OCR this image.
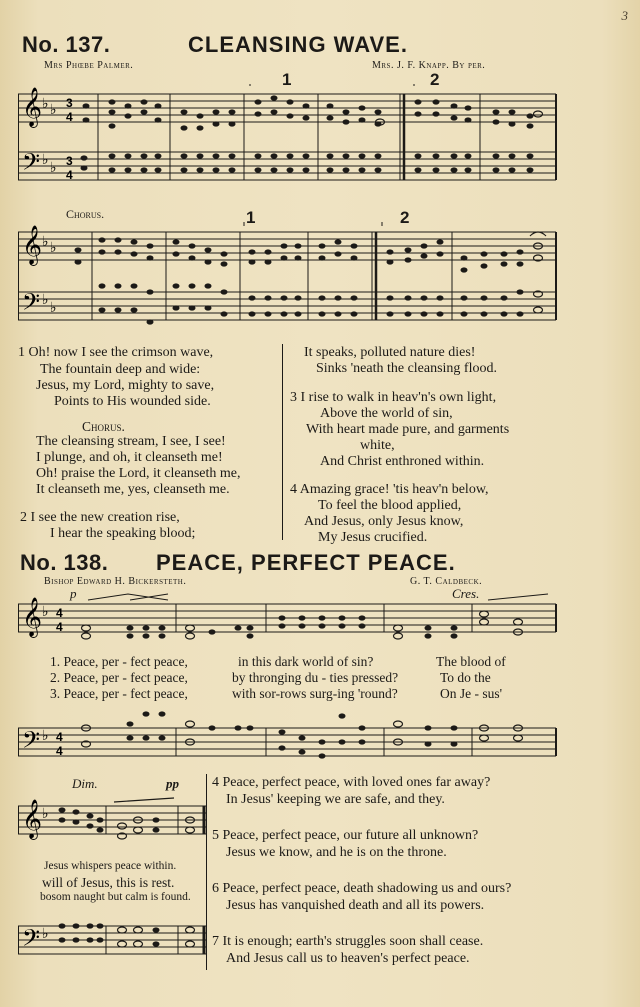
3
No. 137.	CLEANSING WAVE.
Mrs Phœbe Palmer.	Mrs. J. F. Knapp. By per.
1	2
𝄞
𝄢
♭
♭
♭
♭
3
4
3
4
Chorus.	1	2
𝄞
𝄢
♭ ♭
♭
♭
1 Oh! now I see the crimson wave,
The fountain deep and wide:
Jesus, my Lord, mighty to save,
Points to His wounded side.
Chorus.
The cleansing stream, I see, I see!
I plunge, and oh, it cleanseth me!
Oh! praise the Lord, it cleanseth me,
It cleanseth me, yes, cleanseth me.
2 I see the new creation rise,
I hear the speaking blood;
It speaks, polluted nature dies!
Sinks 'neath the cleansing flood.
3 I rise to walk in heav'n's own light,
Above the world of sin,
With heart made pure, and garments
white,
And Christ enthroned within.
4 Amazing grace! 'tis heav'n below,
To feel the blood applied,
And Jesus, only Jesus know,
My Jesus crucified.
No. 138. PEACE, PERFECT PEACE.
Bishop Edward H. Bickersteth.	G. T. Caldbeck.
p	Cres.
𝄞 ♭ 4
4
1. Peace, per - fect peace,	in this dark world of sin?	The blood of
2. Peace, per - fect peace,	by thronging du - ties pressed?	To do the
3. Peace, per - fect peace,	with sor-rows surg-ing 'round?	On Je - sus'
𝄢 ♭ 4
4
Dim.	pp
𝄞 ♭
Jesus whispers peace within.
will of Jesus, this is rest.
bosom naught but calm is found.
𝄢 ♭
4 Peace, perfect peace, with loved ones far away?
In Jesus' keeping we are safe, and they.
5 Peace, perfect peace, our future all unknown?
Jesus we know, and he is on the throne.
6 Peace, perfect peace, death shadowing us and ours?
Jesus has vanquished death and all its powers.
7 It is enough; earth's struggles soon shall cease.
And Jesus call us to heaven's perfect peace.
